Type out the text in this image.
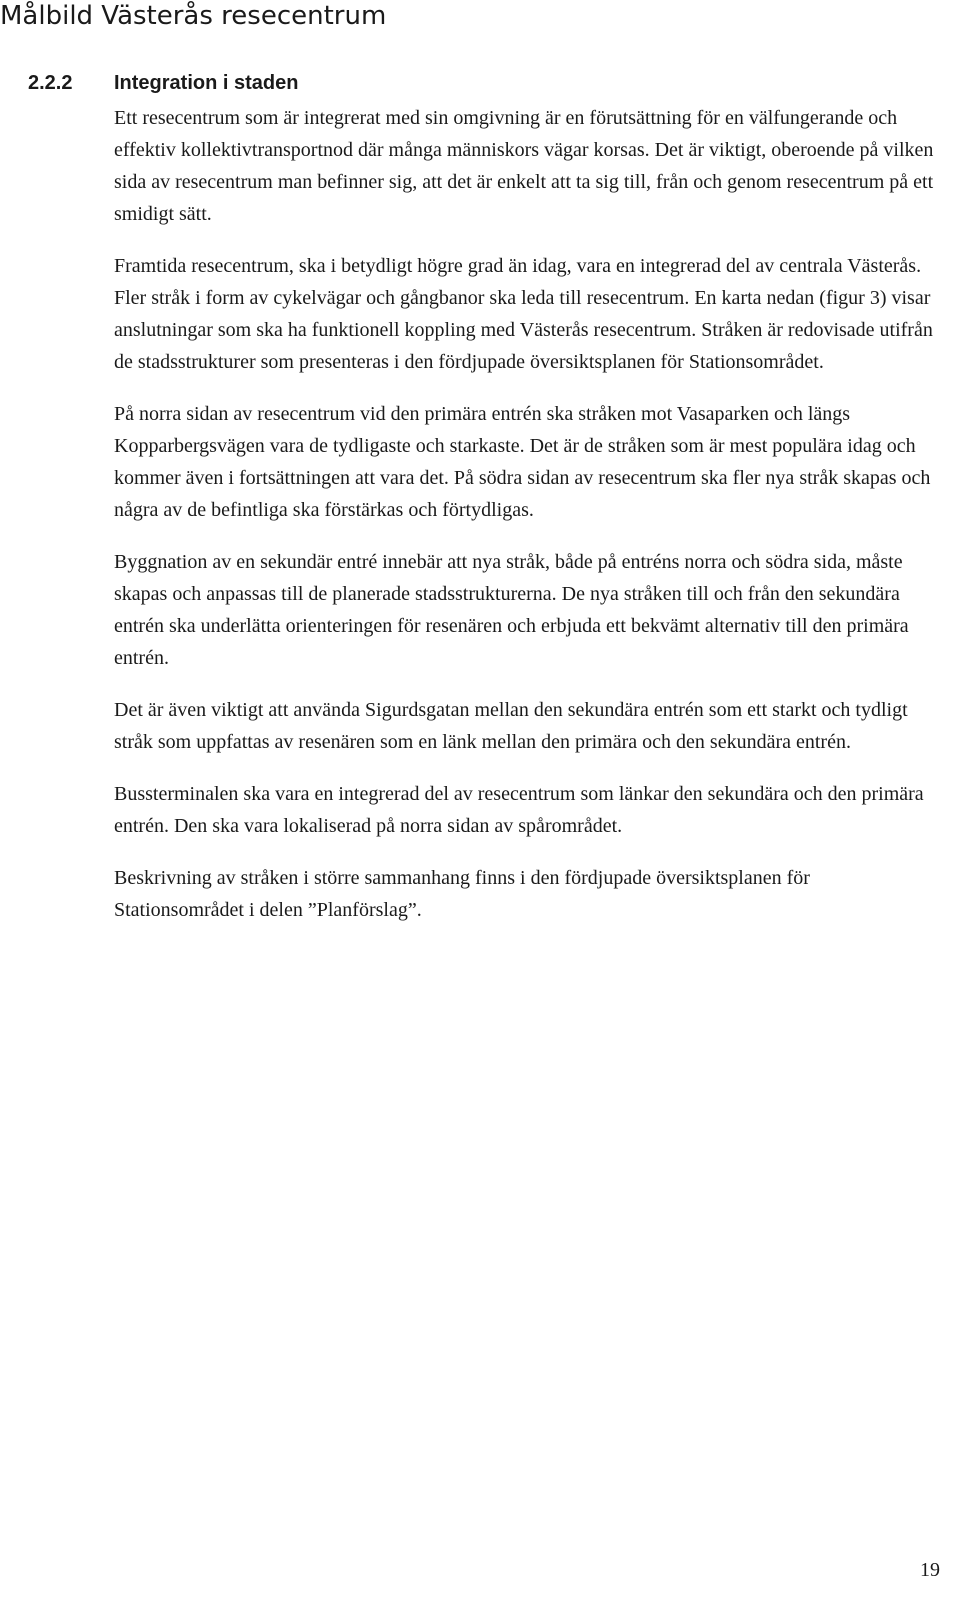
Målbild Västerås resecentrum
2.2.2 Integration i staden

Ett resecentrum som är integrerat med sin omgivning är en förutsättning för en välfungerande och effektiv kollektivtransportnod där många människors vägar korsas. Det är viktigt, oberoende på vilken sida av resecentrum man befinner sig, att det är enkelt att ta sig till, från och genom resecentrum på ett smidigt sätt.

Framtida resecentrum, ska i betydligt högre grad än idag, vara en integrerad del av centrala Västerås. Fler stråk i form av cykelvägar och gångbanor ska leda till resecentrum. En karta nedan (figur 3) visar anslutningar som ska ha funktionell koppling med Västerås resecentrum. Stråken är redovisade utifrån de stadsstrukturer som presenteras i den fördjupade översiktsplanen för Stationsområdet.

På norra sidan av resecentrum vid den primära entrén ska stråken mot Vasaparken och längs Kopparbergsvägen vara de tydligaste och starkaste. Det är de stråken som är mest populära idag och kommer även i fortsättningen att vara det. På södra sidan av resecentrum ska fler nya stråk skapas och några av de befintliga ska förstärkas och förtydligas.

Byggnation av en sekundär entré innebär att nya stråk, både på entréns norra och södra sida, måste skapas och anpassas till de planerade stadsstrukturerna. De nya stråken till och från den sekundära entrén ska underlätta orienteringen för resenären och erbjuda ett bekvämt alternativ till den primära entrén.

Det är även viktigt att använda Sigurdsgatan mellan den sekundära entrén som ett starkt och tydligt stråk som uppfattas av resenären som en länk mellan den primära och den sekundära entrén.

Bussterminalen ska vara en integrerad del av resecentrum som länkar den sekundära och den primära entrén. Den ska vara lokaliserad på norra sidan av spårområdet.

Beskrivning av stråken i större sammanhang finns i den fördjupade översiktsplanen för Stationsområdet i delen ”Planförslag”.

19
